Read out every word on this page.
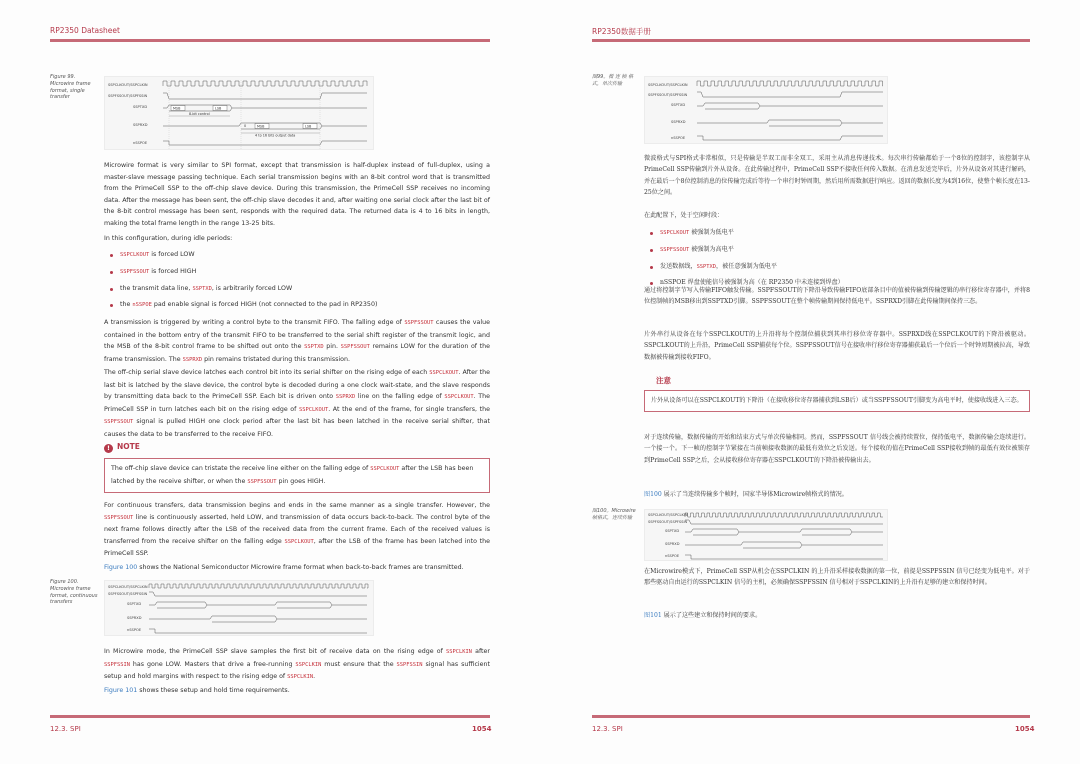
RP2350 Datasheet
Figure 99. Microwire frame format, single transfer
SSPCLKOUT/SSPCLKIN
SSPFSSOUT/SSPFSSIN
SSPTXD
SSPRXD
nSSPOE
MSB	LSB
8-bit control
0	MSB	LSB
4 to 16 bits output data
Microwire format is very similar to SPI format, except that transmission is half-duplex instead of full-duplex, using a master-slave message passing technique. Each serial transmission begins with an 8-bit control word that is transmitted from the PrimeCell SSP to the off-chip slave device. During this transmission, the PrimeCell SSP receives no incoming data. After the message has been sent, the off-chip slave decodes it and, after waiting one serial clock after the last bit of the 8-bit control message has been sent, responds with the required data. The returned data is 4 to 16 bits in length, making the total frame length in the range 13-25 bits.
In this configuration, during idle periods:
SSPCLKOUT is forced LOW
SSPFSSOUT is forced HIGH
the transmit data line, SSPTXD, is arbitrarily forced LOW
the nSSPOE pad enable signal is forced HIGH (not connected to the pad in RP2350)
A transmission is triggered by writing a control byte to the transmit FIFO. The falling edge of SSPFSSOUT causes the value contained in the bottom entry of the transmit FIFO to be transferred to the serial shift register of the transmit logic, and the MSB of the 8-bit control frame to be shifted out onto the SSPTXD pin. SSPFSSOUT remains LOW for the duration of the frame transmission. The SSPRXD pin remains tristated during this transmission.
The off-chip serial slave device latches each control bit into its serial shifter on the rising edge of each SSPCLKOUT. After the last bit is latched by the slave device, the control byte is decoded during a one clock wait-state, and the slave responds by transmitting data back to the PrimeCell SSP. Each bit is driven onto SSPRXD line on the falling edge of SSPCLKOUT. The PrimeCell SSP in turn latches each bit on the rising edge of SSPCLKOUT. At the end of the frame, for single transfers, the SSPFSSOUT signal is pulled HIGH one clock period after the last bit has been latched in the receive serial shifter, that causes the data to be transferred to the receive FIFO.
! NOTE
The off-chip slave device can tristate the receive line either on the falling edge of SSPCLKOUT after the LSB has been latched by the receive shifter, or when the SSPFSSOUT pin goes HIGH.
For continuous transfers, data transmission begins and ends in the same manner as a single transfer. However, the SSPFSSOUT line is continuously asserted, held LOW, and transmission of data occurs back-to-back. The control byte of the next frame follows directly after the LSB of the received data from the current frame. Each of the received values is transferred from the receive shifter on the falling edge SSPCLKOUT, after the LSB of the frame has been latched into the PrimeCell SSP.
Figure 100 shows the National Semiconductor Microwire frame format when back-to-back frames are transmitted.
Figure 100. Microwire frame format, continuous transfers
SSPCLKOUT/SSPCLKIN
SSPFSSOUT/SSPFSSIN
SSPTXD
SSPRXD
nSSPOE
In Microwire mode, the PrimeCell SSP slave samples the first bit of receive data on the rising edge of SSPCLKIN after SSPFSSIN has gone LOW. Masters that drive a free-running SSPCLKIN must ensure that the SSPFSSIN signal has sufficient setup and hold margins with respect to the rising edge of SSPCLKIN.
Figure 101 shows these setup and hold time requirements.
12.3. SPI	1054
RP2350数据手册
图99。微 连 帧 格式，单次传输	SSPCLKOUT/SSPCLKIN
SSPFSSOUT/SSPFSSIN
SSPTXD
SSPRXD
nSSPOE
微波格式与SPI格式非常相似，只是传输是半双工而非全双工，采用主从消息传递技术。每次串行传输都始于一个8位的控制字，该控制字从PrimeCell SSP传输到片外从设备。在此传输过程中，PrimeCell SSP不接收任何传入数据。在消息发送完毕后，片外从设备对其进行解码，并在最后一个8位控制消息的位传输完成后等待一个串行时钟周期，然后用所需数据进行响应。返回的数据长度为4到16位，使整个帧长度在13-25位之间。
在此配置下，处于空闲时段：
SSPCLKOUT 被强制为低电平
SSPFSSOUT 被强制为高电平
发送数据线，SSPTXD，被任意强制为低电平
nSSPOE 焊盘使能信号被强制为高（在 RP2350 中未连接到焊盘）
通过将控制字节写入传输FIFO触发传输。SSPFSSOUT的下降沿导致传输FIFO底部条目中的值被传输到传输逻辑的串行移位寄存器中，并将8位控制帧的MSB移出到SSPTXD引脚。SSPFSSOUT在整个帧传输期间保持低电平。SSPRXD引脚在此传输期间保持三态。
片外串行从设备在每个SSPCLKOUT的上升沿将每个控制位捕获到其串行移位寄存器中。SSPRXD线在SSPCLKOUT的下降沿被驱动。SSPCLKOUT的上升沿，PrimeCell SSP捕获每个位。SSPFSSOUT信号在接收串行移位寄存器捕获最后一个位后一个时钟周期被拉高，导致数据被传输到接收FIFO。
注意
片外从设备可以在SSPCLKOUT的下降沿（在接收移位寄存器捕获到LSB后）或当SSPFSSOUT引脚变为高电平时，使接收线进入三态。
对于连续传输，数据传输的开始和结束方式与单次传输相同。然而，SSPFSSOUT 信号线会被持续置位，保持低电平，数据传输会连续进行。一个接一个。下一帧的控制字节紧接在当前帧接收数据的最低有效位之后发送。每个接收的值在PrimeCell SSP接收到帧的最低有效位被锁存到PrimeCell SSP之后，会从接收移位寄存器在SSPCLKOUT的下降沿被传输出去。
图100 展示了当连续传输多个帧时，国家半导体Microwire帧格式的情况。
图100。Microwire 帧格式，连续传输	SSPCLKOUT/SSPCLKIN
SSPFSSOUT/SSPFSSIN
SSPTXD
SSPRXD
nSSPOE
在Microwire模式下，PrimeCell SSP从机会在SSPCLKIN 的上升沿采样接收数据的第一位，前提是SSPFSSIN 信号已经变为低电平。对于那些驱动自由运行的SSPCLKIN 信号的主机，必须确保SSPFSSIN 信号相对于SSPCLKIN的上升沿有足够的建立和保持时间。
图101 展示了这些建立和保持时间的要求。
12.3. SPI	1054
